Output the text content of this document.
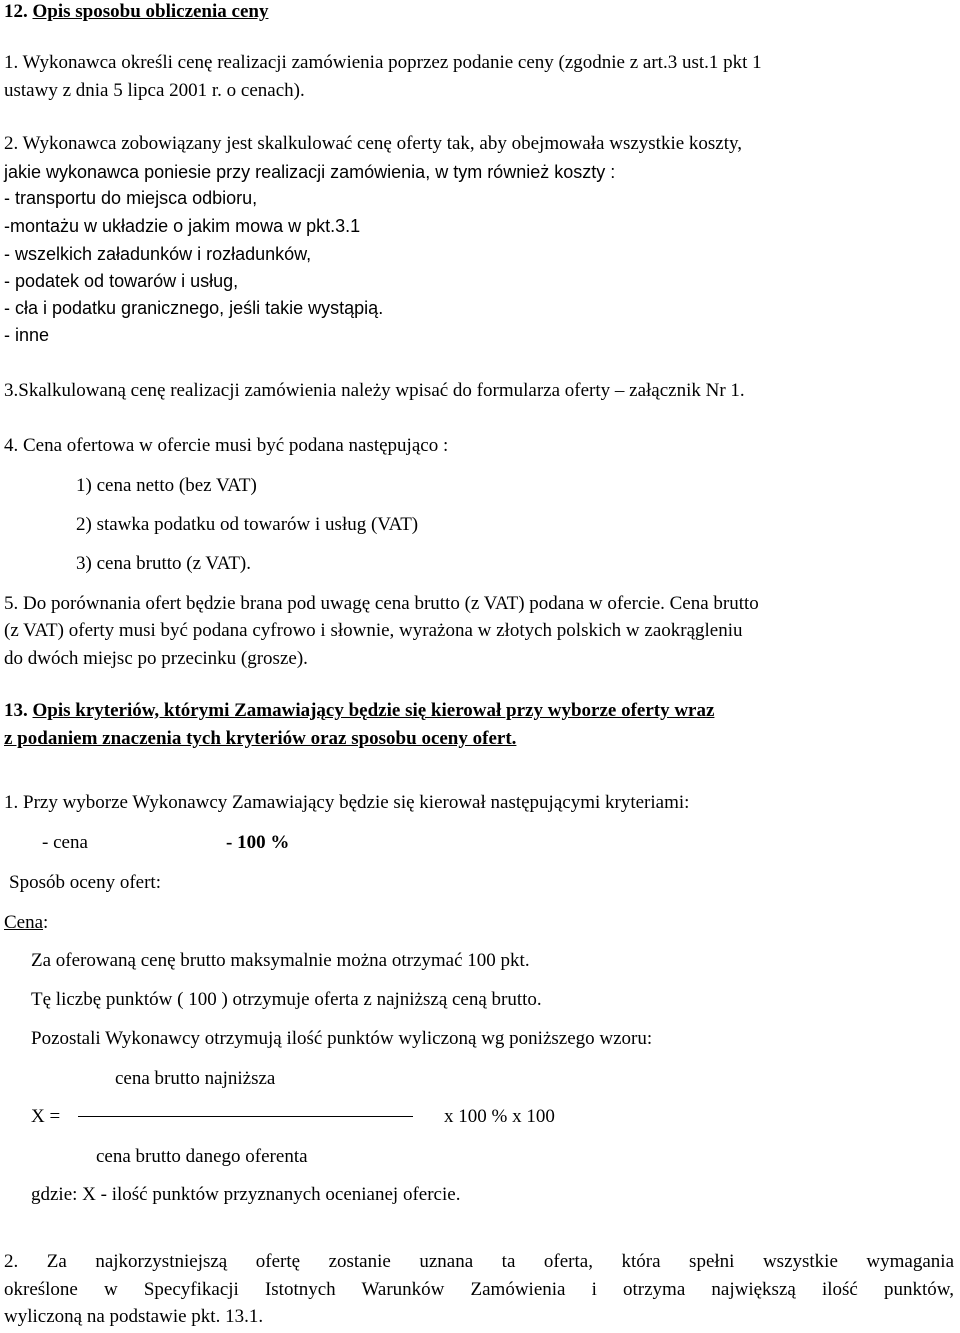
12. Opis sposobu obliczenia ceny
1. Wykonawca określi cenę realizacji zamówienia poprzez podanie ceny (zgodnie z art.3 ust.1 pkt 1
ustawy z dnia 5 lipca 2001 r. o cenach).
2. Wykonawca zobowiązany jest skalkulować cenę oferty tak, aby obejmowała wszystkie koszty,
jakie wykonawca poniesie przy realizacji zamówienia, w tym również koszty :
- transportu do miejsca odbioru,
-montażu w układzie o jakim mowa w pkt.3.1
- wszelkich załadunków i rozładunków,
- podatek od towarów i usług,
- cła i podatku granicznego, jeśli takie wystąpią.
- inne
3.Skalkulowaną cenę realizacji zamówienia należy wpisać do formularza oferty – załącznik Nr 1.
4. Cena ofertowa w ofercie musi być podana następująco :
1) cena netto (bez VAT)
2) stawka podatku od towarów i usług (VAT)
3) cena brutto (z VAT).
5. Do porównania ofert będzie brana pod uwagę cena brutto (z VAT) podana w ofercie. Cena brutto
(z VAT) oferty musi być podana cyfrowo i słownie, wyrażona w złotych polskich w zaokrągleniu
do dwóch miejsc po przecinku (grosze).
13. Opis kryteriów, którymi Zamawiający będzie się kierował przy wyborze oferty wraz
z podaniem znaczenia tych kryteriów oraz sposobu oceny ofert.
1. Przy wyborze Wykonawcy Zamawiający będzie się kierował następującymi kryteriami:
- cena	- 100 %
Sposób oceny ofert:
Cena:
Za oferowaną cenę brutto maksymalnie można otrzymać 100 pkt.
Tę liczbę punktów ( 100 ) otrzymuje oferta z najniższą ceną brutto.
Pozostali Wykonawcy otrzymują ilość punktów wyliczoną wg poniższego wzoru:
cena brutto najniższa
X =	x 100 % x 100
cena brutto danego oferenta
gdzie: X - ilość punktów przyznanych ocenianej ofercie.
2. Za najkorzystniejszą ofertę zostanie uznana ta oferta, która spełni wszystkie wymagania
określone w Specyfikacji Istotnych Warunków Zamówienia i otrzyma największą ilość punktów,
wyliczoną na podstawie pkt. 13.1.
